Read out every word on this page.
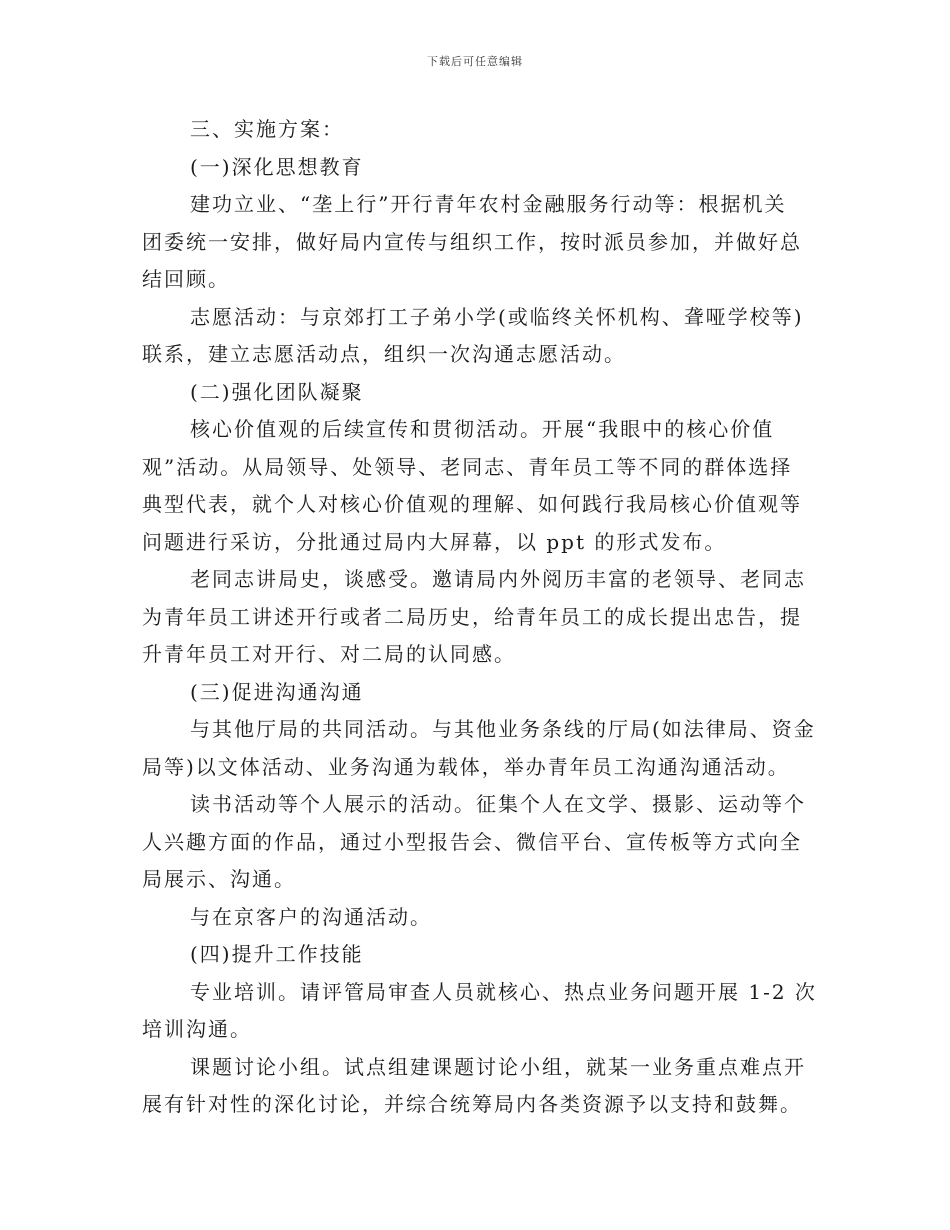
下载后可任意编辑
三、实施方案：
(一)深化思想教育
建功立业、“垄上行”开行青年农村金融服务行动等：根据机关
团委统一安排，做好局内宣传与组织工作，按时派员参加，并做好总
结回顾。
志愿活动：与京郊打工子弟小学(或临终关怀机构、聋哑学校等)
联系，建立志愿活动点，组织一次沟通志愿活动。
(二)强化团队凝聚
核心价值观的后续宣传和贯彻活动。开展“我眼中的核心价值
观”活动。从局领导、处领导、老同志、青年员工等不同的群体选择
典型代表，就个人对核心价值观的理解、如何践行我局核心价值观等
问题进行采访，分批通过局内大屏幕，以 ppt 的形式发布。
老同志讲局史，谈感受。邀请局内外阅历丰富的老领导、老同志
为青年员工讲述开行或者二局历史，给青年员工的成长提出忠告，提
升青年员工对开行、对二局的认同感。
(三)促进沟通沟通
与其他厅局的共同活动。与其他业务条线的厅局(如法律局、资金
局等)以文体活动、业务沟通为载体，举办青年员工沟通沟通活动。
读书活动等个人展示的活动。征集个人在文学、摄影、运动等个
人兴趣方面的作品，通过小型报告会、微信平台、宣传板等方式向全
局展示、沟通。
与在京客户的沟通活动。
(四)提升工作技能
专业培训。请评管局审查人员就核心、热点业务问题开展 1-2 次
培训沟通。
课题讨论小组。试点组建课题讨论小组，就某一业务重点难点开
展有针对性的深化讨论，并综合统筹局内各类资源予以支持和鼓舞。
